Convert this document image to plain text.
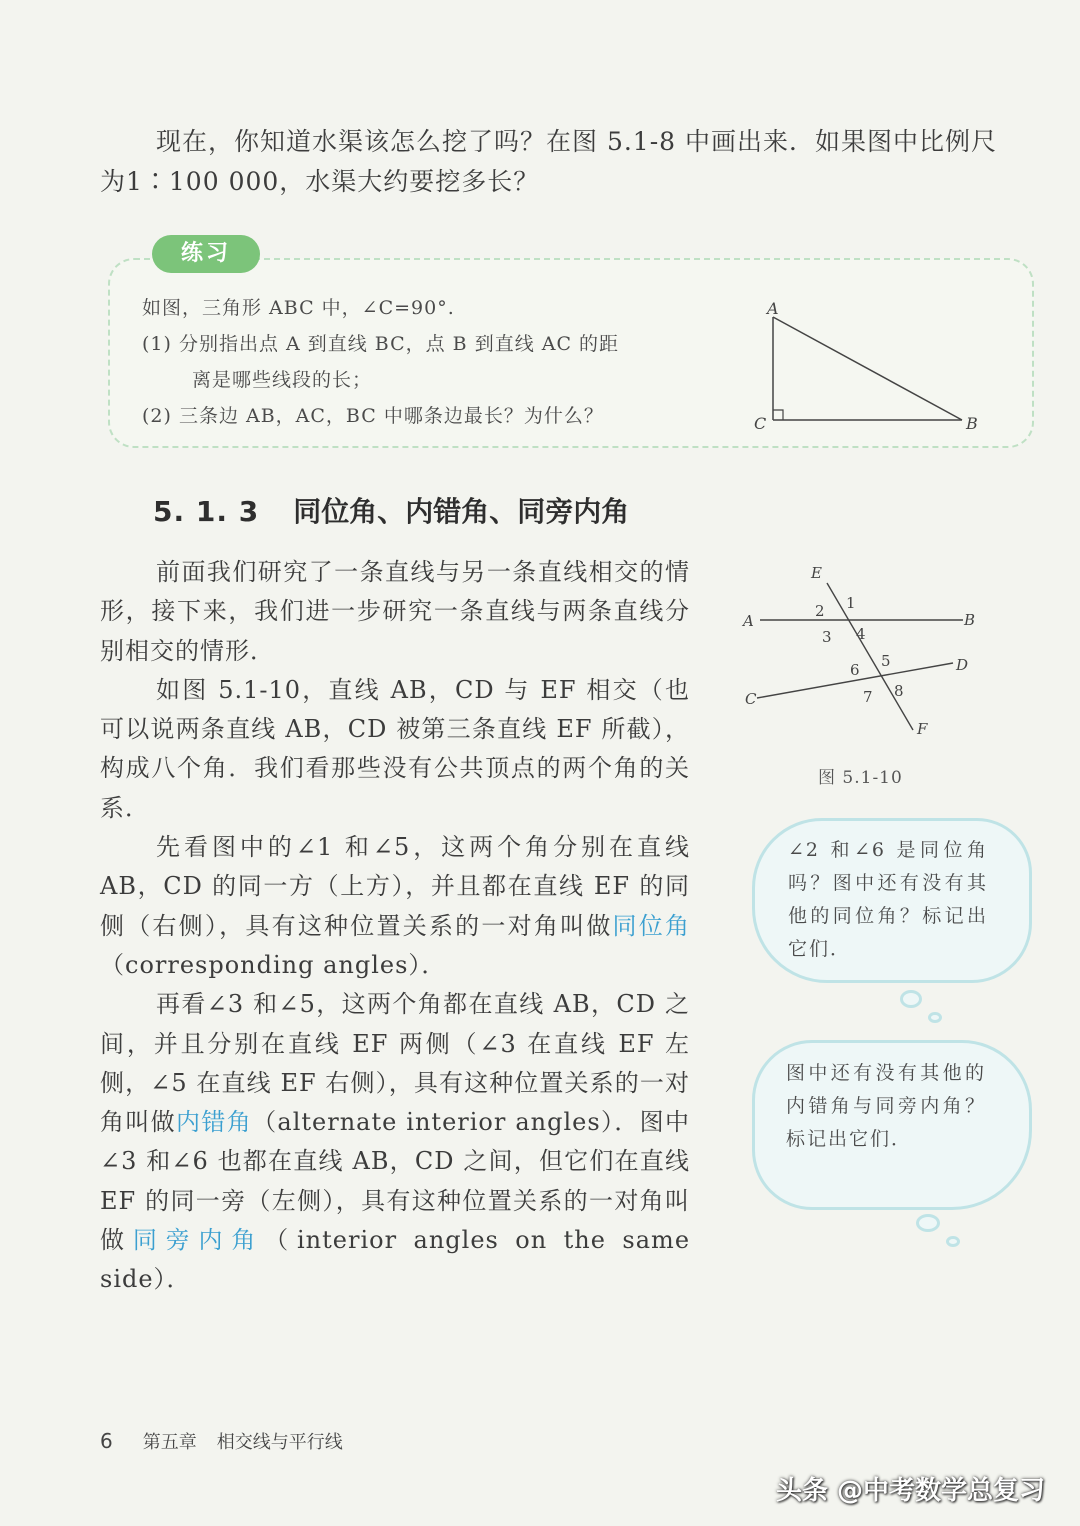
现在，你知道水渠该怎么挖了吗？在图 5.1-8 中画出来．如果图中比例尺

为1∶100 000，水渠大约要挖多长？

练习
如图，三角形 ABC 中，∠C=90°.
(1) 分别指出点 A 到直线 BC，点 B 到直线 AC 的距
离是哪些线段的长；
(2) 三条边 AB，AC，BC 中哪条边最长？为什么？
A
C	B
5. 1. 3 同位角、内错角、同旁内角

前面我们研究了一条直线与另一条直线相交的情形，接下来，我们进一步研究一条直线与两条直线分别相交的情形．

如图 5.1-10，直线 AB，CD 与 EF 相交（也可以说两条直线 AB，CD 被第三条直线 EF 所截），构成八个角．我们看那些没有公共顶点的两个角的关系．

先看图中的∠1 和∠5，这两个角分别在直线 AB，CD 的同一方（上方），并且都在直线 EF 的同侧（右侧），具有这种位置关系的一对角叫做同位角（corresponding angles）．

再看∠3 和∠5，这两个角都在直线 AB，CD 之间，并且分别在直线 EF 两侧（∠3 在直线 EF 左侧，∠5 在直线 EF 右侧），具有这种位置关系的一对角叫做内错角（alternate interior angles）．图中∠3 和∠6 也都在直线 AB，CD 之间，但它们在直线 EF 的同一旁（左侧），具有这种位置关系的一对角叫做同旁内角（interior angles on the same side）．

E
A	B
C
D
F
1
2
3 4
5
6
7 8
图 5.1-10
∠2 和∠6 是同位角吗？图中还有没有其他的同位角？标记出它们．
图中还有没有其他的内错角与同旁内角？标记出它们．
6 第五章 相交线与平行线
头条 @中考数学总复习
